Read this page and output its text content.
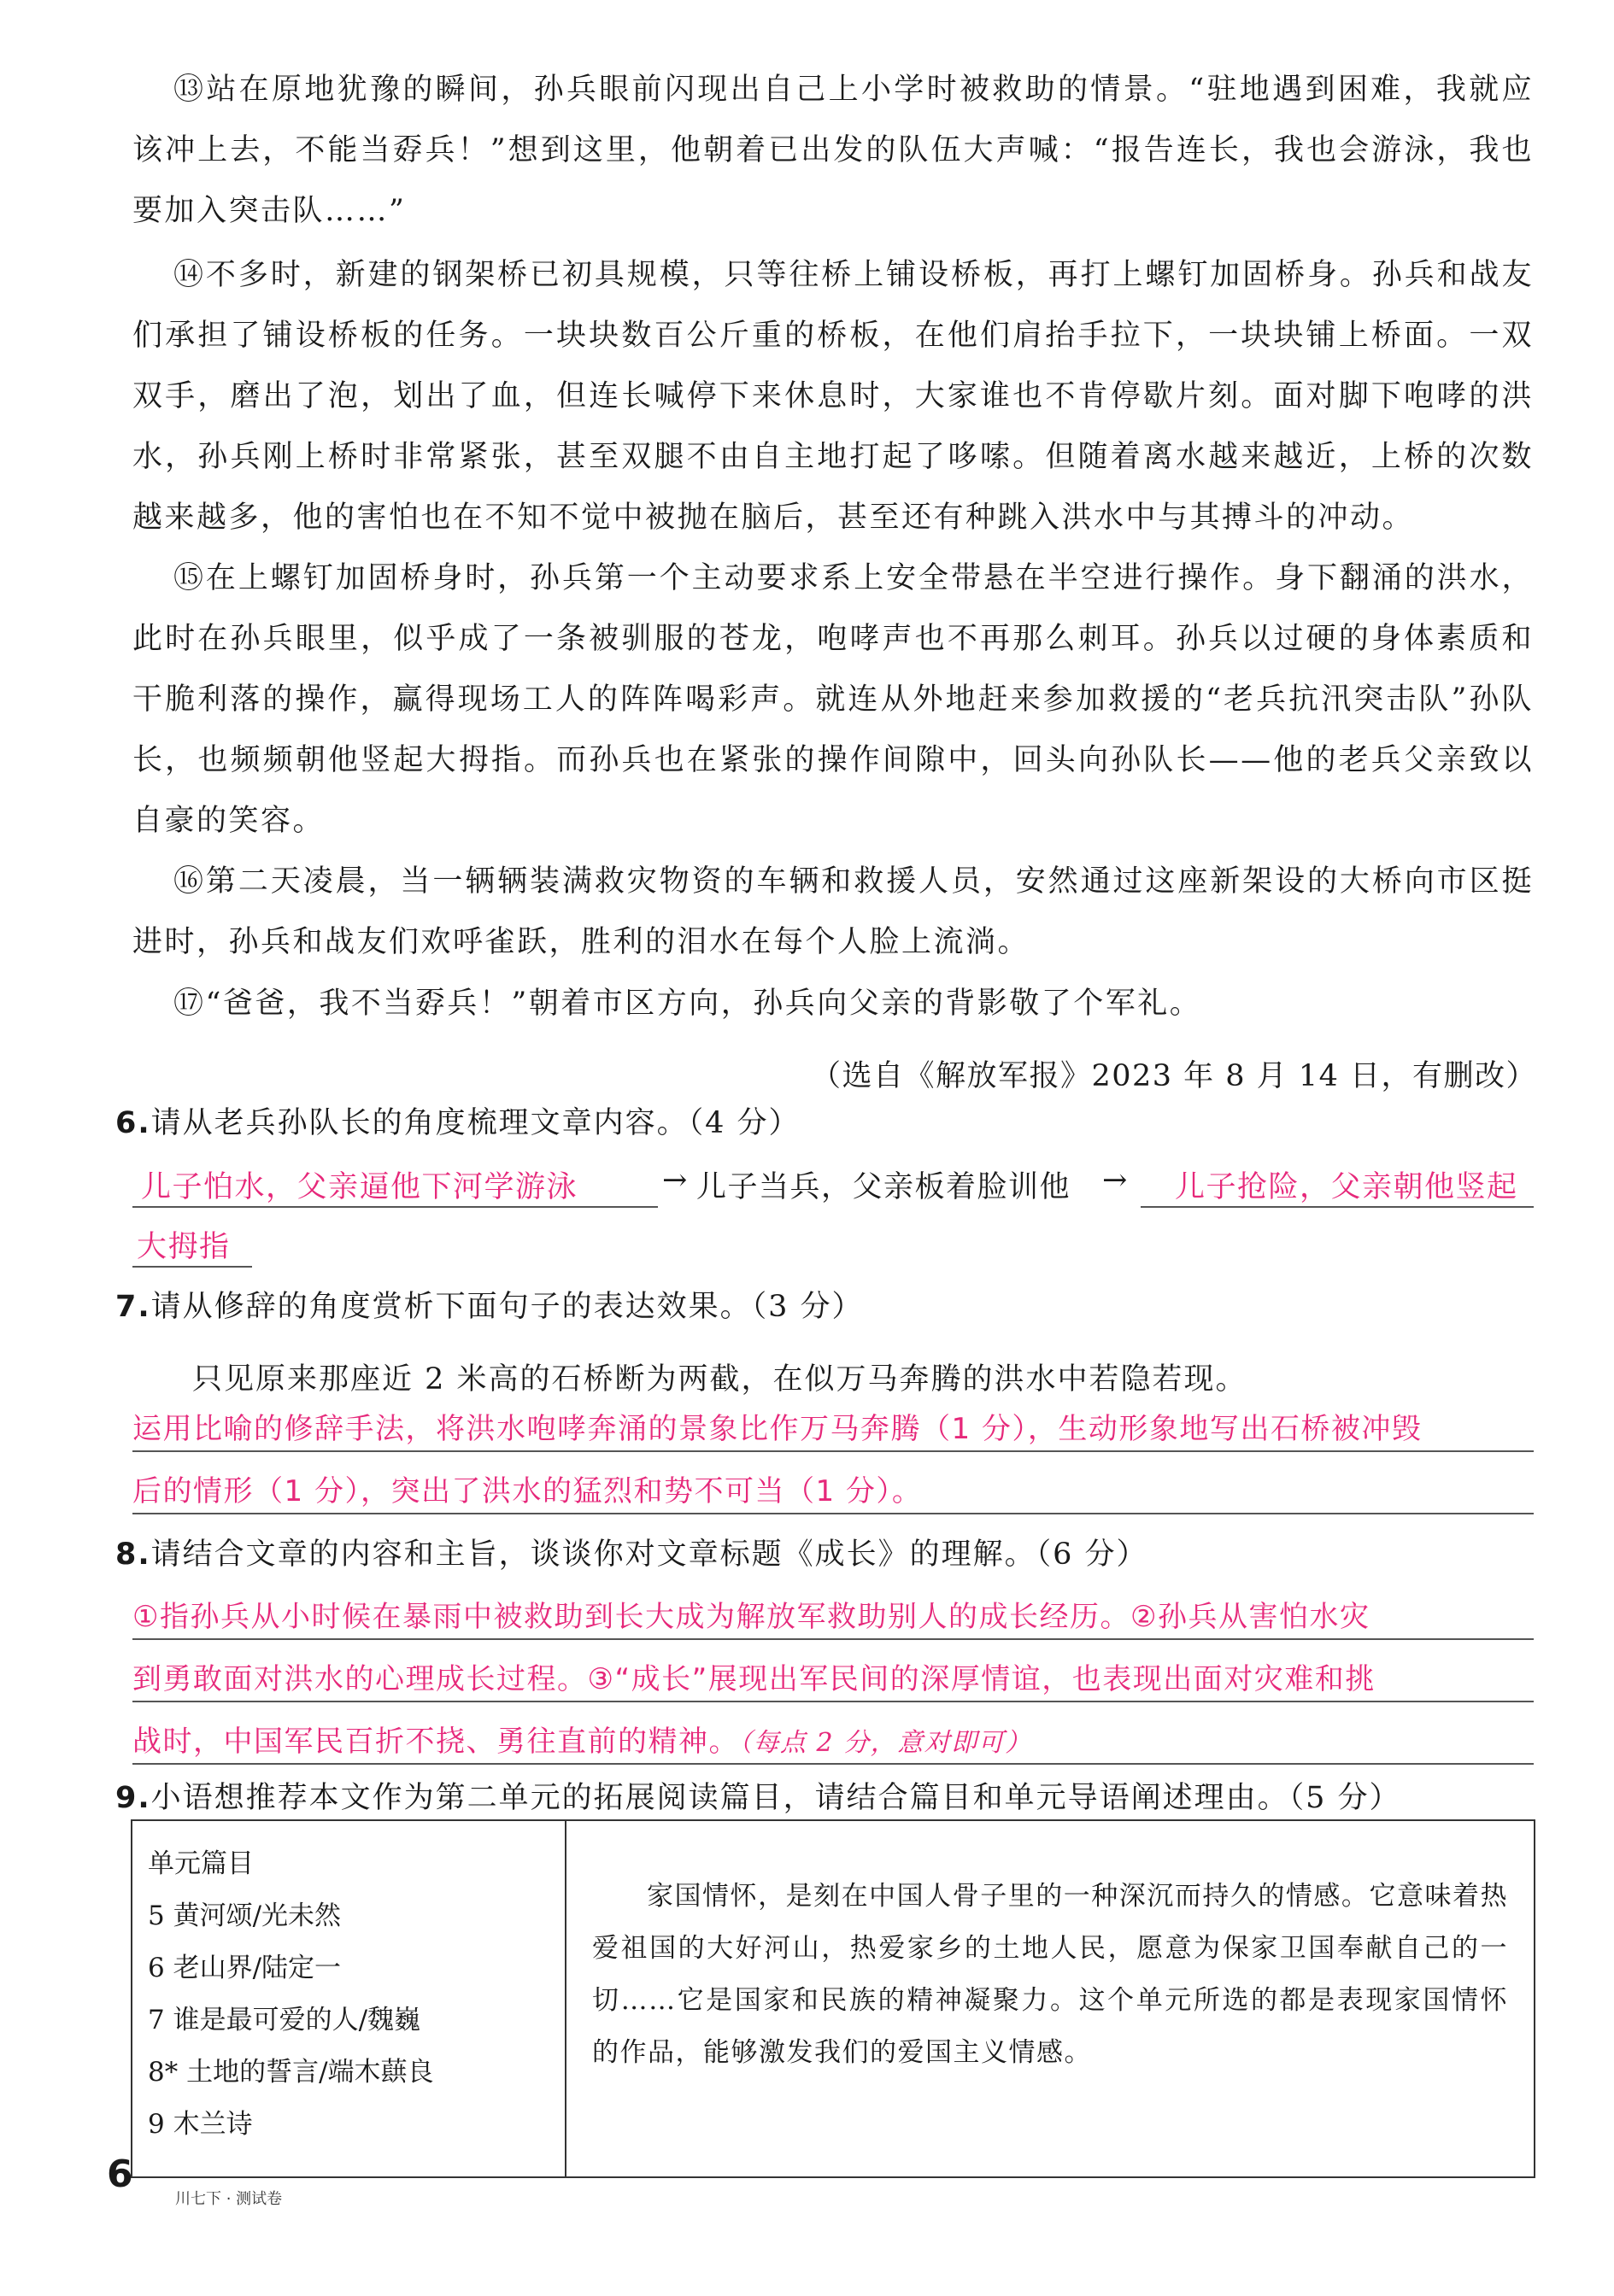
⑬站在原地犹豫的瞬间，孙兵眼前闪现出自己上小学时被救助的情景。“驻地遇到困难，我就应该冲上去，不能当孬兵！”想到这里，他朝着已出发的队伍大声喊：“报告连长，我也会游泳，我也要加入突击队……”
⑭不多时，新建的钢架桥已初具规模，只等往桥上铺设桥板，再打上螺钉加固桥身。孙兵和战友们承担了铺设桥板的任务。一块块数百公斤重的桥板，在他们肩抬手拉下，一块块铺上桥面。一双双手，磨出了泡，划出了血，但连长喊停下来休息时，大家谁也不肯停歇片刻。面对脚下咆哮的洪水，孙兵刚上桥时非常紧张，甚至双腿不由自主地打起了哆嗦。但随着离水越来越近，上桥的次数越来越多，他的害怕也在不知不觉中被抛在脑后，甚至还有种跳入洪水中与其搏斗的冲动。
⑮在上螺钉加固桥身时，孙兵第一个主动要求系上安全带悬在半空进行操作。身下翻涌的洪水，此时在孙兵眼里，似乎成了一条被驯服的苍龙，咆哮声也不再那么刺耳。孙兵以过硬的身体素质和干脆利落的操作，赢得现场工人的阵阵喝彩声。就连从外地赶来参加救援的“老兵抗汛突击队”孙队长，也频频朝他竖起大拇指。而孙兵也在紧张的操作间隙中，回头向孙队长——他的老兵父亲致以自豪的笑容。
⑯第二天凌晨，当一辆辆装满救灾物资的车辆和救援人员，安然通过这座新架设的大桥向市区挺进时，孙兵和战友们欢呼雀跃，胜利的泪水在每个人脸上流淌。
⑰“爸爸，我不当孬兵！”朝着市区方向，孙兵向父亲的背影敬了个军礼。
（选自《解放军报》2023 年 8 月 14 日，有删改）
6.请从老兵孙队长的角度梳理文章内容。（4 分）
儿子怕水，父亲逼他下河学游泳	→ 儿子当兵，父亲板着脸训他 → 儿子抢险，父亲朝他竖起
大拇指
7.请从修辞的角度赏析下面句子的表达效果。（3 分）
只见原来那座近 2 米高的石桥断为两截，在似万马奔腾的洪水中若隐若现。
运用比喻的修辞手法，将洪水咆哮奔涌的景象比作万马奔腾（1 分），生动形象地写出石桥被冲毁
后的情形（1 分），突出了洪水的猛烈和势不可当（1 分）。
8.请结合文章的内容和主旨，谈谈你对文章标题《成长》的理解。（6 分）
①指孙兵从小时候在暴雨中被救助到长大成为解放军救助别人的成长经历。②孙兵从害怕水灾
到勇敢面对洪水的心理成长过程。③“成长”展现出军民间的深厚情谊，也表现出面对灾难和挑
战时，中国军民百折不挠、勇往直前的精神。（每点 2 分，意对即可）
9.小语想推荐本文作为第二单元的拓展阅读篇目，请结合篇目和单元导语阐述理由。（5 分）
单元篇目
5 黄河颂/光未然
6 老山界/陆定一
7 谁是最可爱的人/魏巍
8* 土地的誓言/端木蕻良
9 木兰诗
	家国情怀，是刻在中国人骨子里的一种深沉而持久的情感。它意味着热爱祖国的大好河山，热爱家乡的土地人民，愿意为保家卫国奉献自己的一切……它是国家和民族的精神凝聚力。这个单元所选的都是表现家国情怀的作品，能够激发我们的爱国主义情感。
6
川七下 · 测试卷
